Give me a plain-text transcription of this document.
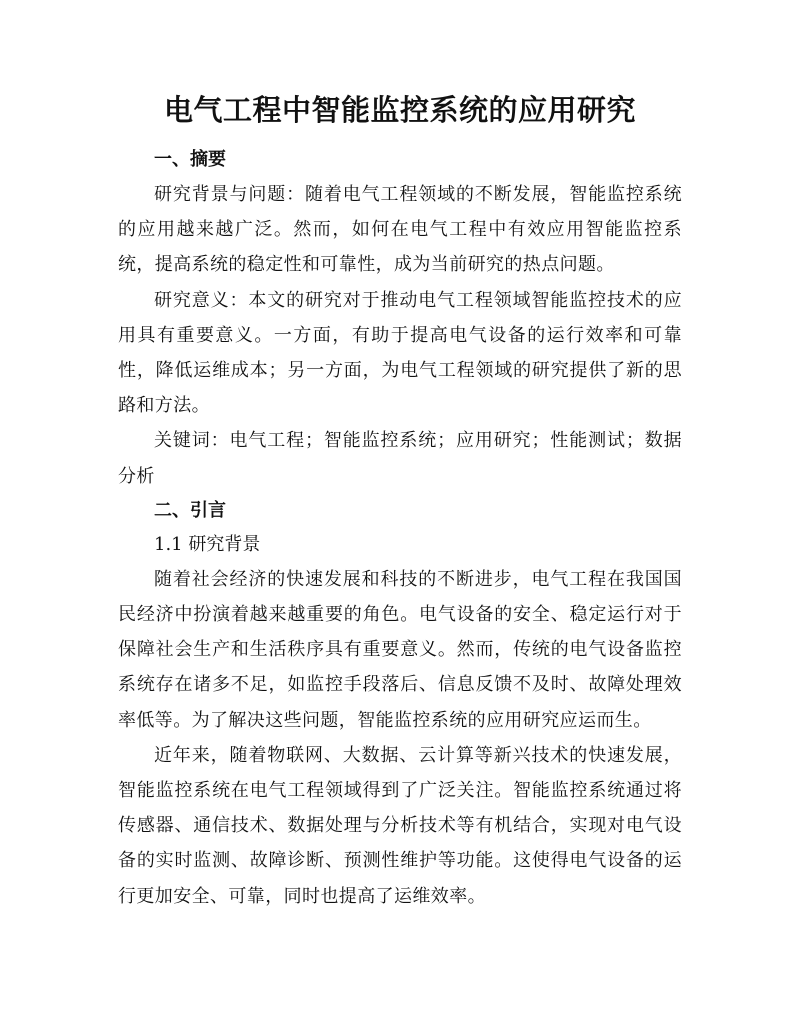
电气工程中智能监控系统的应用研究
一、摘要

研究背景与问题：随着电气工程领域的不断发展，智能监控系统的应用越来越广泛。然而，如何在电气工程中有效应用智能监控系统，提高系统的稳定性和可靠性，成为当前研究的热点问题。

研究意义：本文的研究对于推动电气工程领域智能监控技术的应用具有重要意义。一方面，有助于提高电气设备的运行效率和可靠性，降低运维成本；另一方面，为电气工程领域的研究提供了新的思路和方法。

关键词：电气工程；智能监控系统；应用研究；性能测试；数据分析

二、引言

1.1 研究背景

随着社会经济的快速发展和科技的不断进步，电气工程在我国国民经济中扮演着越来越重要的角色。电气设备的安全、稳定运行对于保障社会生产和生活秩序具有重要意义。然而，传统的电气设备监控系统存在诸多不足，如监控手段落后、信息反馈不及时、故障处理效率低等。为了解决这些问题，智能监控系统的应用研究应运而生。

近年来，随着物联网、大数据、云计算等新兴技术的快速发展，智能监控系统在电气工程领域得到了广泛关注。智能监控系统通过将传感器、通信技术、数据处理与分析技术等有机结合，实现对电气设备的实时监测、故障诊断、预测性维护等功能。这使得电气设备的运行更加安全、可靠，同时也提高了运维效率。
